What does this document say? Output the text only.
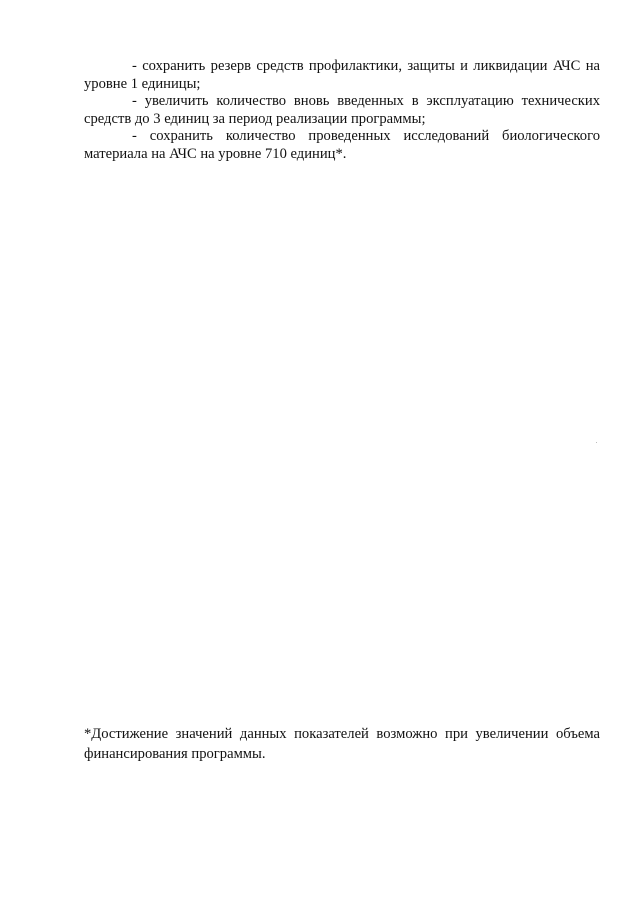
- сохранить резерв средств профилактики, защиты и ликвидации АЧС на уровне 1 единицы;

- увеличить количество вновь введенных в эксплуатацию технических средств до 3 единиц за период реализации программы;

- сохранить количество проведенных исследований биологического материала на АЧС на уровне 710 единиц*.

*Достижение значений данных показателей возможно при увеличении объема финансирования программы.
